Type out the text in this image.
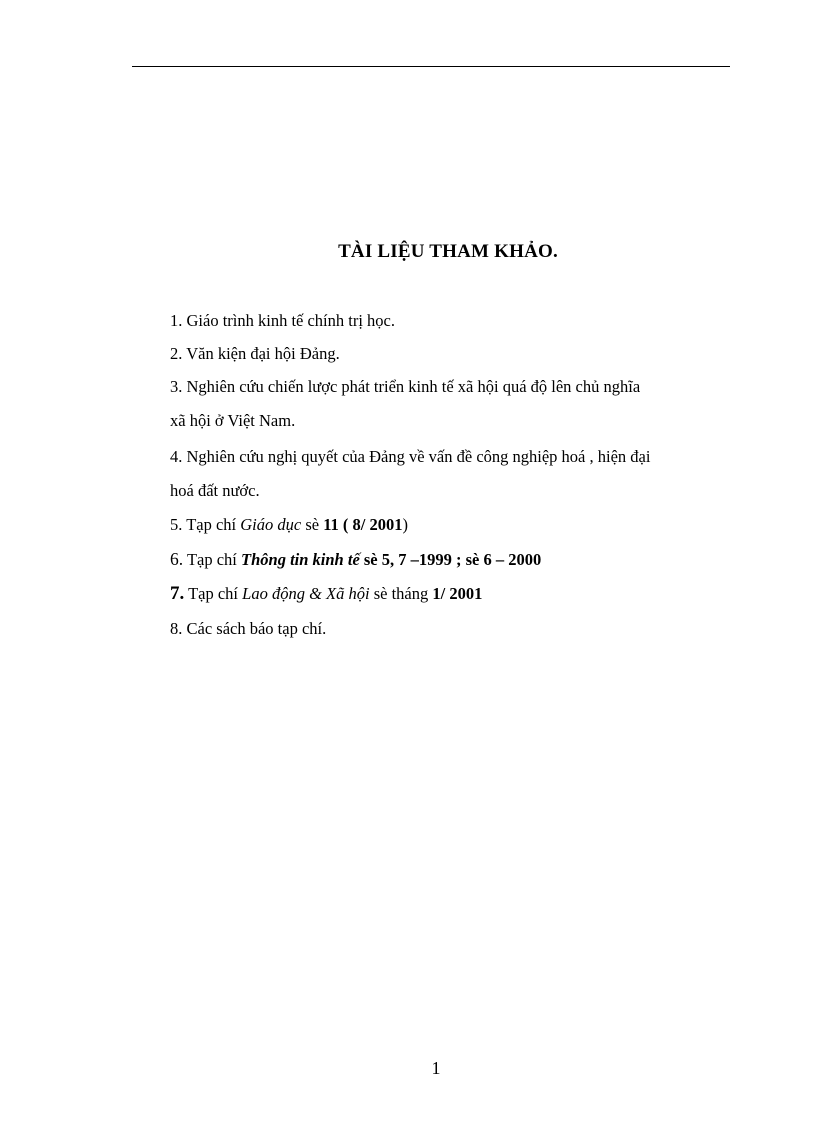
TÀI LIỆU THAM KHẢO.
1. Giáo trình kinh tế chính trị học.
2. Văn kiện đại hội Đảng.
3. Nghiên cứu chiến lược phát triển kinh tế xã hội quá độ lên chủ nghĩa
xã hội ở Việt Nam.
4. Nghiên cứu nghị quyết của Đảng về vấn đề công nghiệp hoá , hiện đại
hoá đất nước.
5. Tạp chí Giáo dục sè 11 ( 8/ 2001)
6. Tạp chí Thông tin kinh tế sè 5, 7 –1999 ; sè 6 – 2000
7. Tạp chí Lao động & Xã hội sè tháng 1/ 2001
8. Các sách báo tạp chí.
1
